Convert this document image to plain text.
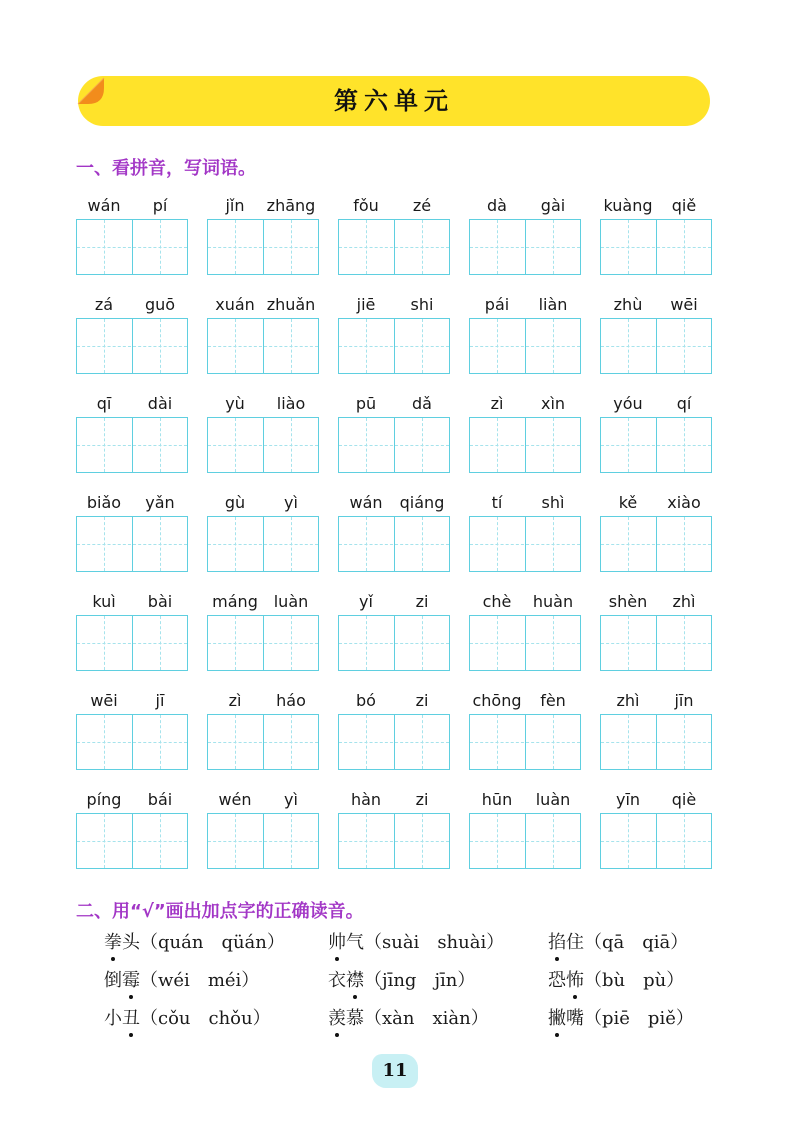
第六单元
一、看拼音，写词语。
wán	pí	jǐn	zhāng	fǒu	zé	dà	gài	kuàng	qiě
zá	guō	xuán zhuǎn	jiē	shi	pái	liàn	zhù	wēi
qī	dài	yù	liào	pū	dǎ	zì	xìn	yóu	qí
biǎo	yǎn	gù	yì	wán	qiáng	tí	shì	kě	xiào
kuì	bài	máng luàn	yǐ	zi	chè	huàn	shèn	zhì
wēi	jī	zì	háo	bó	zi	chōng	fèn	zhì	jīn
píng	bái	wén	yì	hàn	zi	hūn	luàn	yīn	qiè
二、用“√”画出加点字的正确读音。
拳头（quán　qüán） 帅气（suài　shuài） 掐住（qā　qiā）
倒霉（wéi　méi）	衣襟（jīng　jīn）	恐怖（bù　pù）
小丑（cǒu　chǒu）	羡慕（xàn　xiàn）	撇嘴（piē　piě）
11
